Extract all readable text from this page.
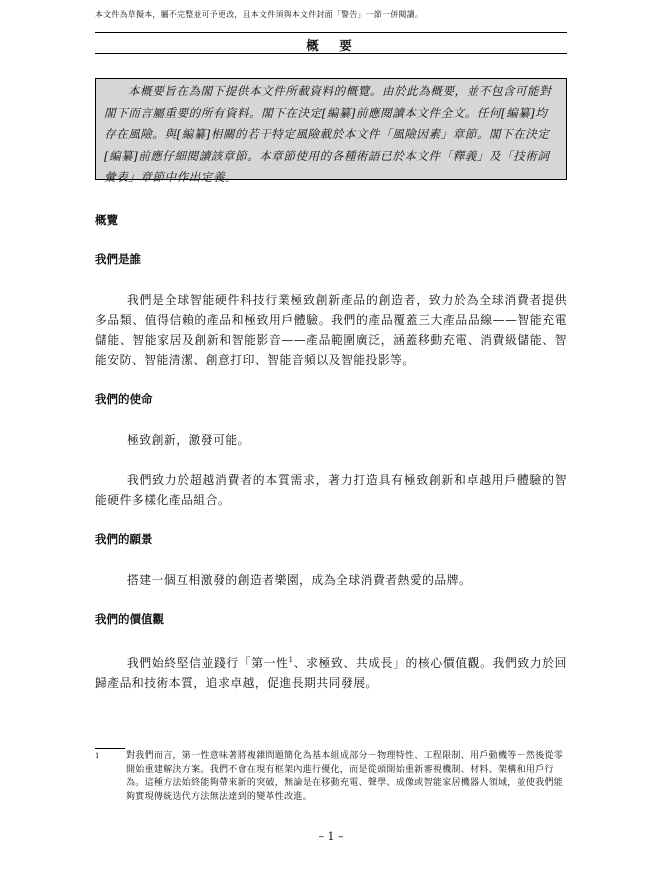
本文件為草擬本，屬不完整並可予更改，且本文件須與本文件封面「警告」一節一併閱讀。
概　要

本概要旨在為閣下提供本文件所載資料的概覽。由於此為概要，並不包含可能對閣下而言屬重要的所有資料。閣下在決定[編纂]前應閱讀本文件全文。任何[編纂]均存在風險。與[編纂]相關的若干特定風險載於本文件「風險因素」章節。閣下在決定[編纂]前應仔細閱讀該章節。本章節使用的各種術語已於本文件「釋義」及「技術詞彙表」章節中作出定義。

概覽
我們是誰

我們是全球智能硬件科技行業極致創新產品的創造者，致力於為全球消費者提供多品類、值得信賴的產品和極致用戶體驗。我們的產品覆蓋三大產品品線——智能充電儲能、智能家居及創新和智能影音——產品範圍廣泛，涵蓋移動充電、消費級儲能、智能安防、智能清潔、創意打印、智能音頻以及智能投影等。

我們的使命

極致創新，激發可能。

我們致力於超越消費者的本質需求，著力打造具有極致創新和卓越用戶體驗的智能硬件多樣化產品組合。

我們的願景

搭建一個互相激發的創造者樂園，成為全球消費者熱愛的品牌。

我們的價值觀

我們始終堅信並踐行「第一性$^1$、求極致、共成長」的核心價值觀。我們致力於回歸產品和技術本質，追求卓越，促進長期共同發展。

1	對我們而言，第一性意味著將複雜問題簡化為基本組成部分－物理特性、工程限制、用戶動機等－然後從零開始重建解決方案。我們不會在現有框架內進行優化，而是從頭開始重新審視機制、材料、架構和用戶行為。這種方法始終能夠帶來新的突破，無論是在移動充電、聲學、成像或智能家居機器人領域，並使我們能夠實現傳統迭代方法無法達到的變革性改進。

– 1 –
